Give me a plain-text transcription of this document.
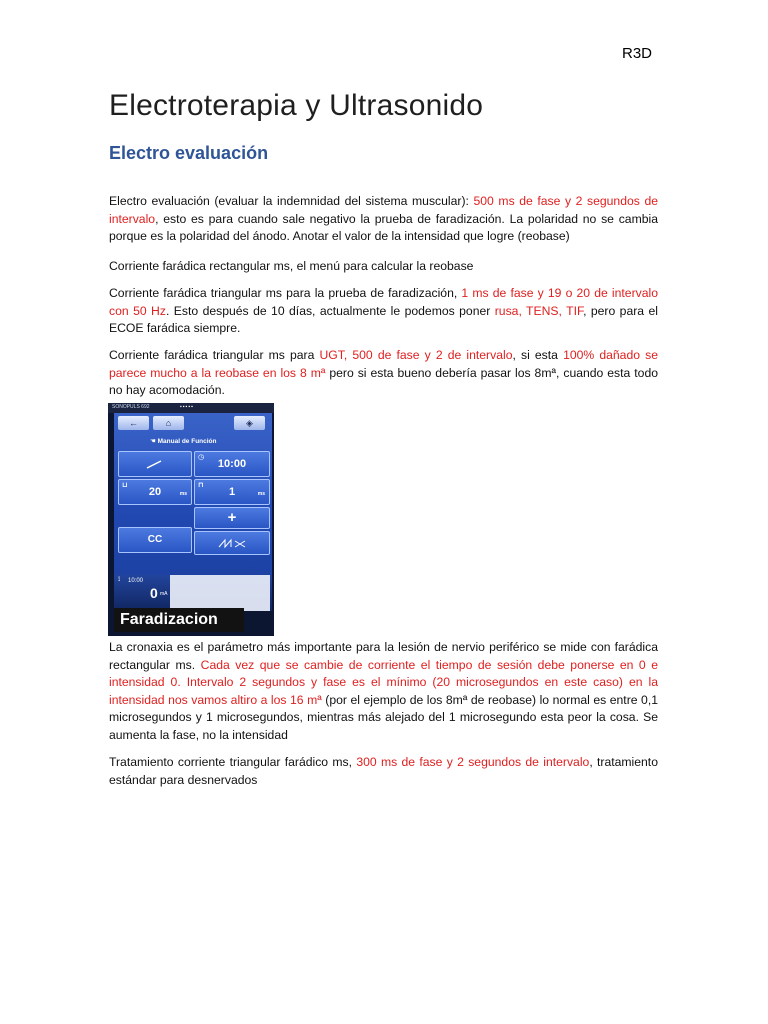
R3D
Electroterapia y Ultrasonido
Electro evaluación

Electro evaluación (evaluar la indemnidad del sistema muscular): 500 ms de fase y 2 segundos de intervalo, esto es para cuando sale negativo la prueba de faradización. La polaridad no se cambia porque es la polaridad del ánodo. Anotar el valor de la intensidad que logre (reobase)

Corriente farádica rectangular ms, el menú para calcular la reobase

Corriente farádica triangular ms para la prueba de faradización, 1 ms de fase y 19 o 20 de intervalo con 50 Hz. Esto después de 10 días, actualmente le podemos poner rusa, TENS, TIF, pero para el ECOE farádica siempre.

Corriente farádica triangular ms para UGT, 500 de fase y 2 de intervalo, si esta 100% dañado se parece mucho a la reobase en los 8 mª pero si esta bueno debería pasar los 8mª, cuando esta todo no hay acomodación.

SONOPULS 692	▪▪▪▪▪
←	⌂	◈
☚ Manual de Función
◷
10:00
⊔
20	ms
⊓
1	ms
+
CC
⟟ 10:00
0 mA
Faradizacion

La cronaxia es el parámetro más importante para la lesión de nervio periférico se mide con farádica rectangular ms. Cada vez que se cambie de corriente el tiempo de sesión debe ponerse en 0 e intensidad 0. Intervalo 2 segundos y fase es el mínimo (20 microsegundos en este caso) en la intensidad nos vamos altiro a los 16 mª (por el ejemplo de los 8mª de reobase) lo normal es entre 0,1 microsegundos y 1 microsegundos, mientras más alejado del 1 microsegundo esta peor la cosa. Se aumenta la fase, no la intensidad

Tratamiento corriente triangular farádico ms, 300 ms de fase y 2 segundos de intervalo, tratamiento estándar para desnervados
